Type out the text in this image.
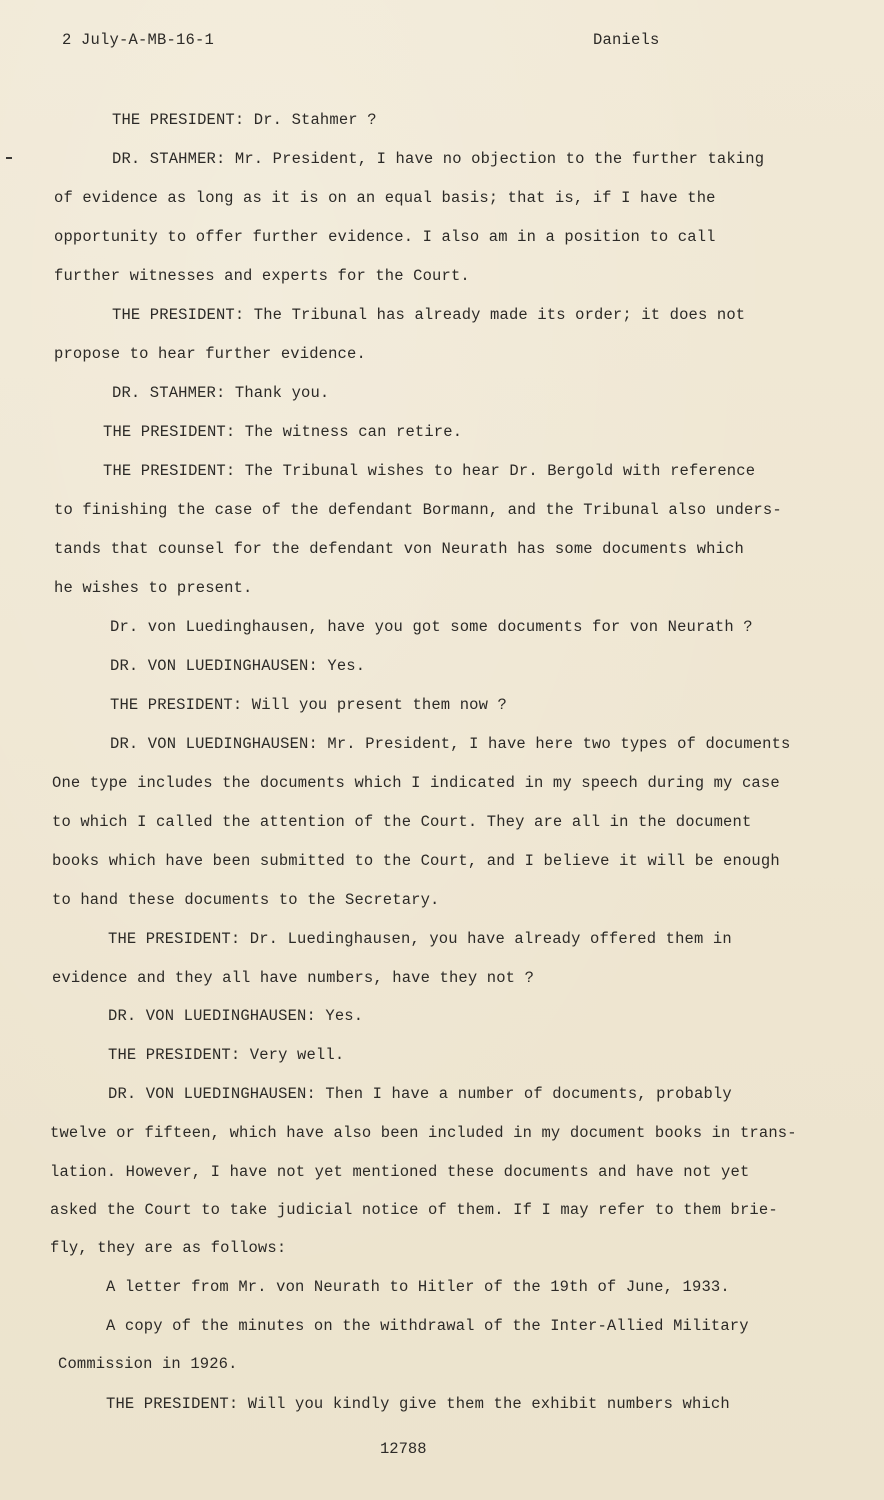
2 July-A-MB-16-1	Daniels
THE PRESIDENT: Dr. Stahmer ?
DR. STAHMER: Mr. President, I have no objection to the further taking
of evidence as long as it is on an equal basis; that is, if I have the
opportunity to offer further evidence. I also am in a position to call
further witnesses and experts for the Court.
THE PRESIDENT: The Tribunal has already made its order; it does not
propose to hear further evidence.
DR. STAHMER: Thank you.
THE PRESIDENT: The witness can retire.
THE PRESIDENT: The Tribunal wishes to hear Dr. Bergold with reference
to finishing the case of the defendant Bormann, and the Tribunal also unders-
tands that counsel for the defendant von Neurath has some documents which
he wishes to present.
Dr. von Luedinghausen, have you got some documents for von Neurath ?
DR. VON LUEDINGHAUSEN: Yes.
THE PRESIDENT: Will you present them now ?
DR. VON LUEDINGHAUSEN: Mr. President, I have here two types of documents
One type includes the documents which I indicated in my speech during my case
to which I called the attention of the Court. They are all in the document
books which have been submitted to the Court, and I believe it will be enough
to hand these documents to the Secretary.
THE PRESIDENT: Dr. Luedinghausen, you have already offered them in
evidence and they all have numbers, have they not ?
DR. VON LUEDINGHAUSEN: Yes.
THE PRESIDENT: Very well.
DR. VON LUEDINGHAUSEN: Then I have a number of documents, probably
twelve or fifteen, which have also been included in my document books in trans-
lation. However, I have not yet mentioned these documents and have not yet
asked the Court to take judicial notice of them. If I may refer to them brie-
fly, they are as follows:
A letter from Mr. von Neurath to Hitler of the 19th of June, 1933.
A copy of the minutes on the withdrawal of the Inter-Allied Military
Commission in 1926.
THE PRESIDENT: Will you kindly give them the exhibit numbers which
12788
